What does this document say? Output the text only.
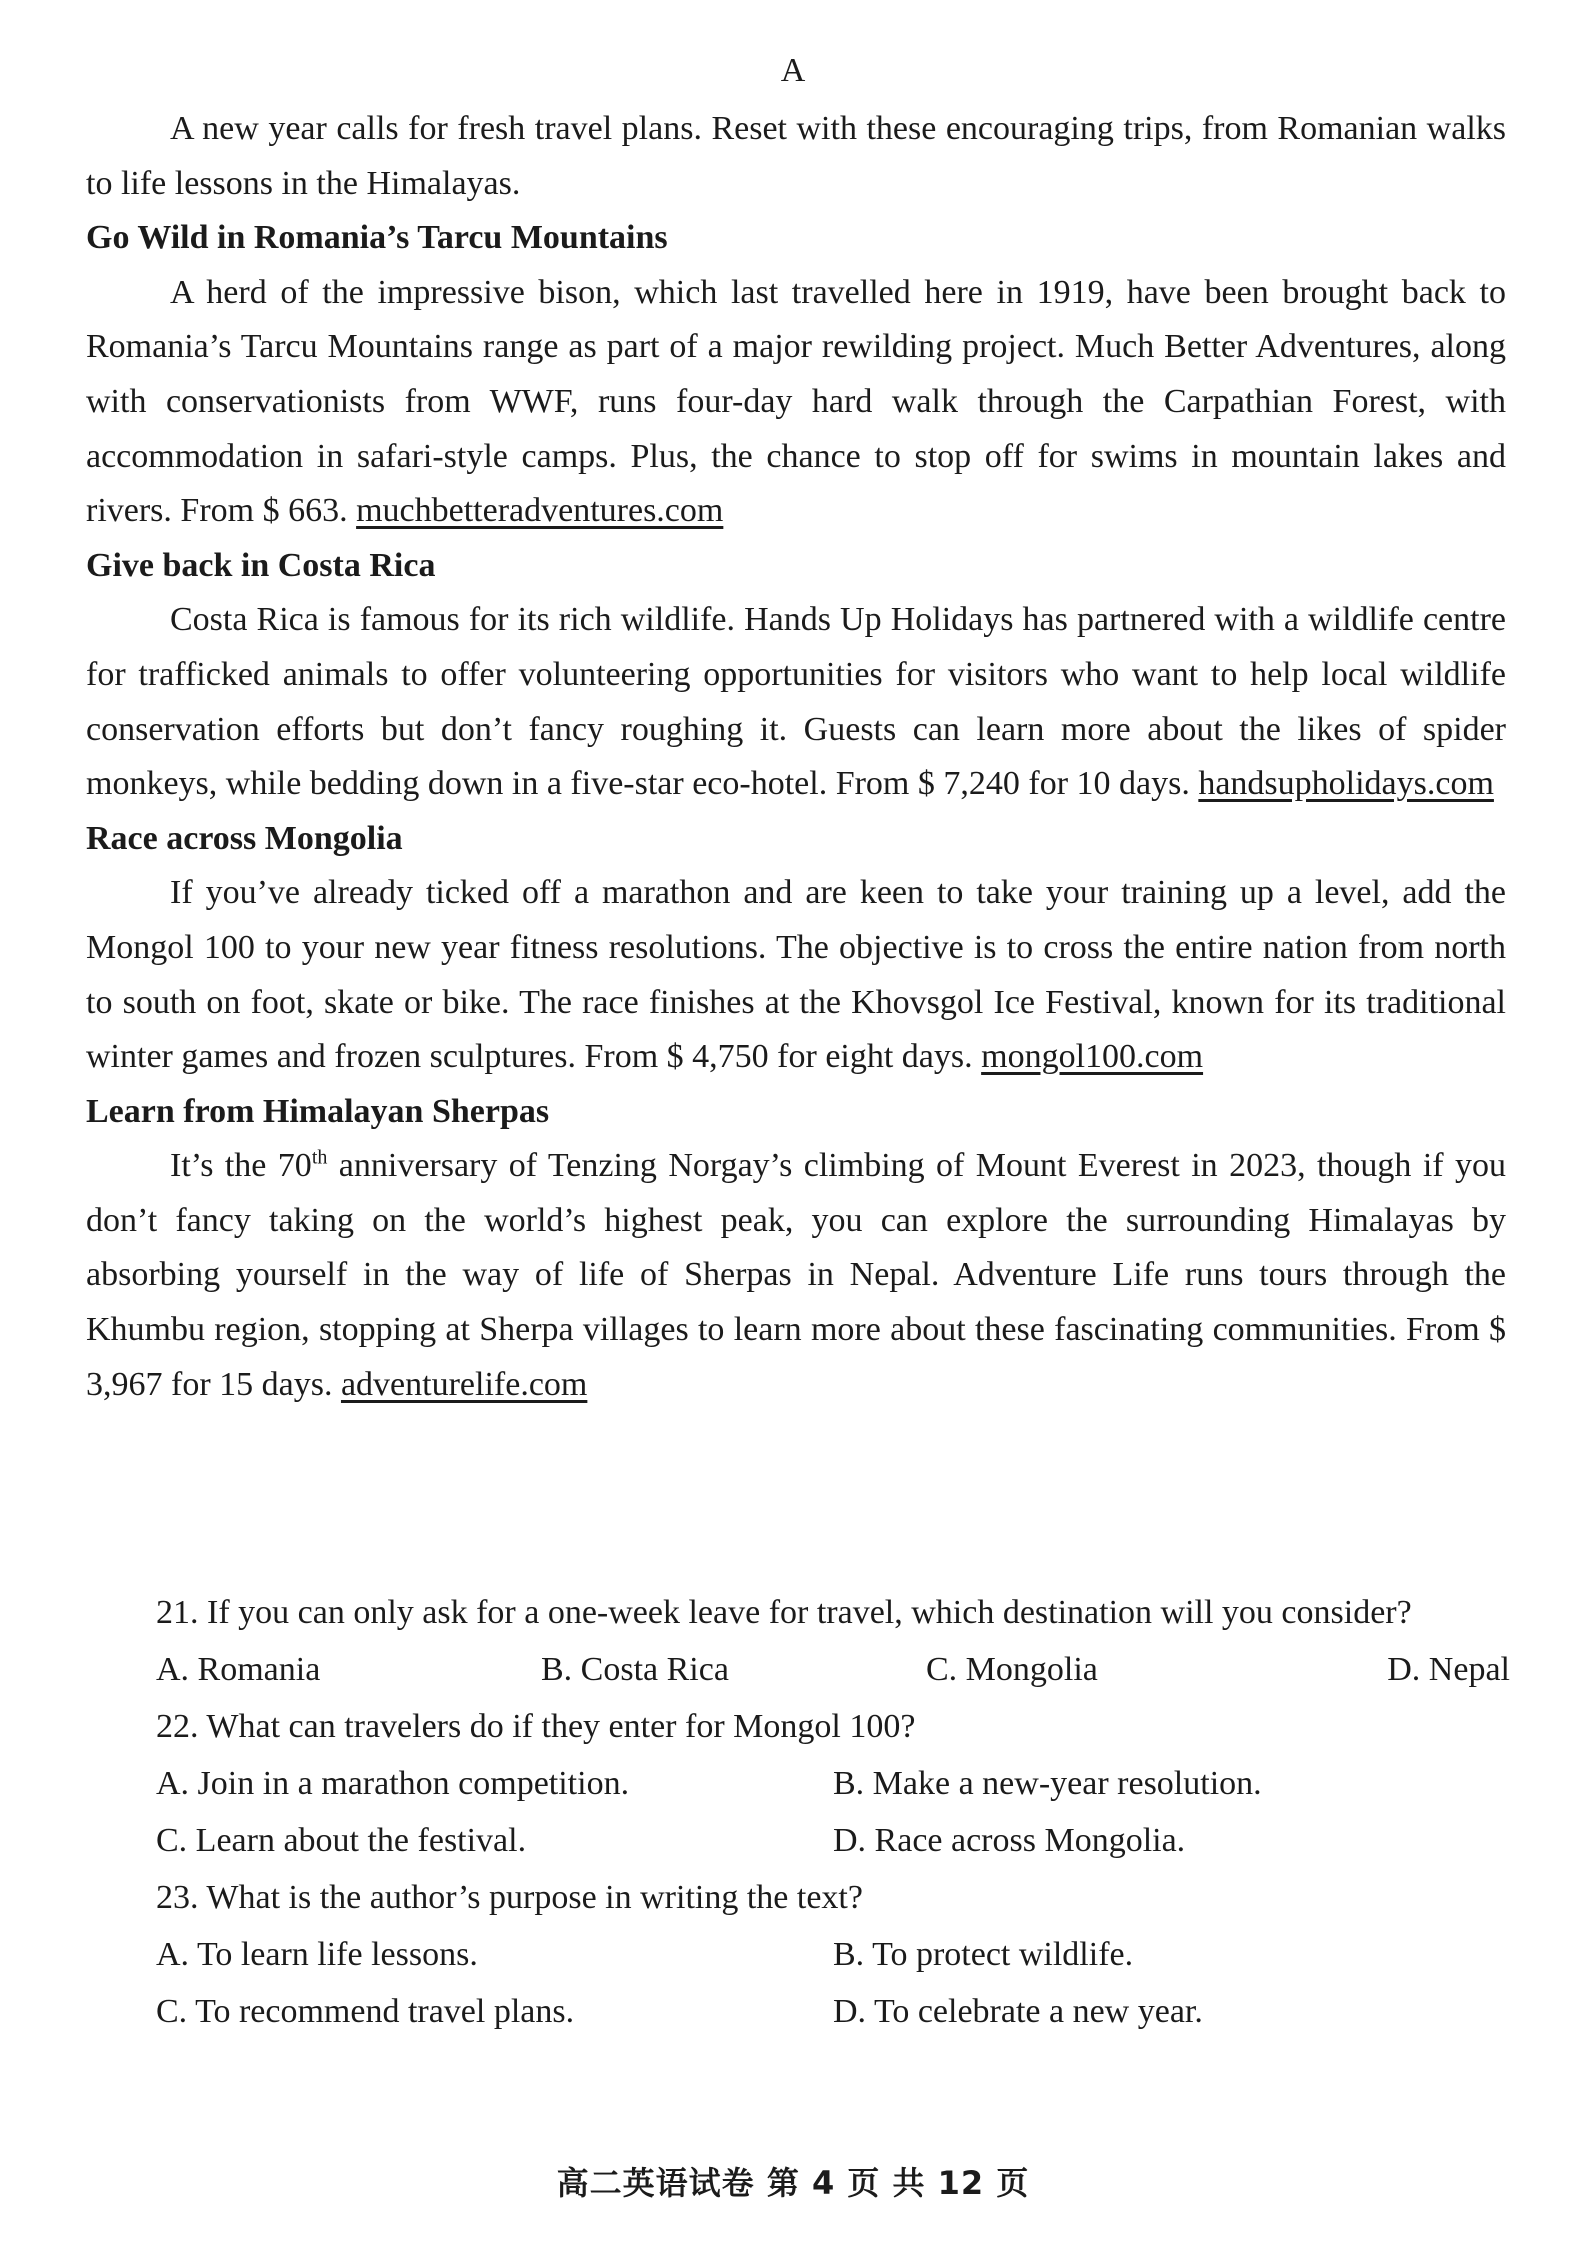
A

A new year calls for fresh travel plans. Reset with these encouraging trips, from Romanian walks to life lessons in the Himalayas.

Go Wild in Romania’s Tarcu Mountains

A herd of the impressive bison, which last travelled here in 1919, have been brought back to Romania’s Tarcu Mountains range as part of a major rewilding project. Much Better Adventures, along with conservationists from WWF, runs four-day hard walk through the Carpathian Forest, with accommodation in safari-style camps. Plus, the chance to stop off for swims in mountain lakes and rivers. From $ 663. muchbetteradventures.com

Give back in Costa Rica

Costa Rica is famous for its rich wildlife. Hands Up Holidays has partnered with a wildlife centre for trafficked animals to offer volunteering opportunities for visitors who want to help local wildlife conservation efforts but don’t fancy roughing it. Guests can learn more about the likes of spider monkeys, while bedding down in a five-star eco-hotel. From $ 7,240 for 10 days. handsupholidays.com

Race across Mongolia

If you’ve already ticked off a marathon and are keen to take your training up a level, add the Mongol 100 to your new year fitness resolutions. The objective is to cross the entire nation from north to south on foot, skate or bike. The race finishes at the Khovsgol Ice Festival, known for its traditional winter games and frozen sculptures. From $ 4,750 for eight days. mongol100.com

Learn from Himalayan Sherpas

It’s the 70th anniversary of Tenzing Norgay’s climbing of Mount Everest in 2023, though if you don’t fancy taking on the world’s highest peak, you can explore the surrounding Himalayas by absorbing yourself in the way of life of Sherpas in Nepal. Adventure Life runs tours through the Khumbu region, stopping at Sherpa villages to learn more about these fascinating communities. From $ 3,967 for 15 days. adventurelife.com

21. If you can only ask for a one-week leave for travel, which destination will you consider?

A. Romania	B. Costa Rica	C. Mongolia	D. Nepal

22. What can travelers do if they enter for Mongol 100?

A. Join in a marathon competition.	B. Make a new-year resolution.
C. Learn about the festival.	D. Race across Mongolia.

23. What is the author’s purpose in writing the text?

A. To learn life lessons.	B. To protect wildlife.
C. To recommend travel plans.	D. To celebrate a new year.
高二英语试卷 第 4 页 共 12 页
